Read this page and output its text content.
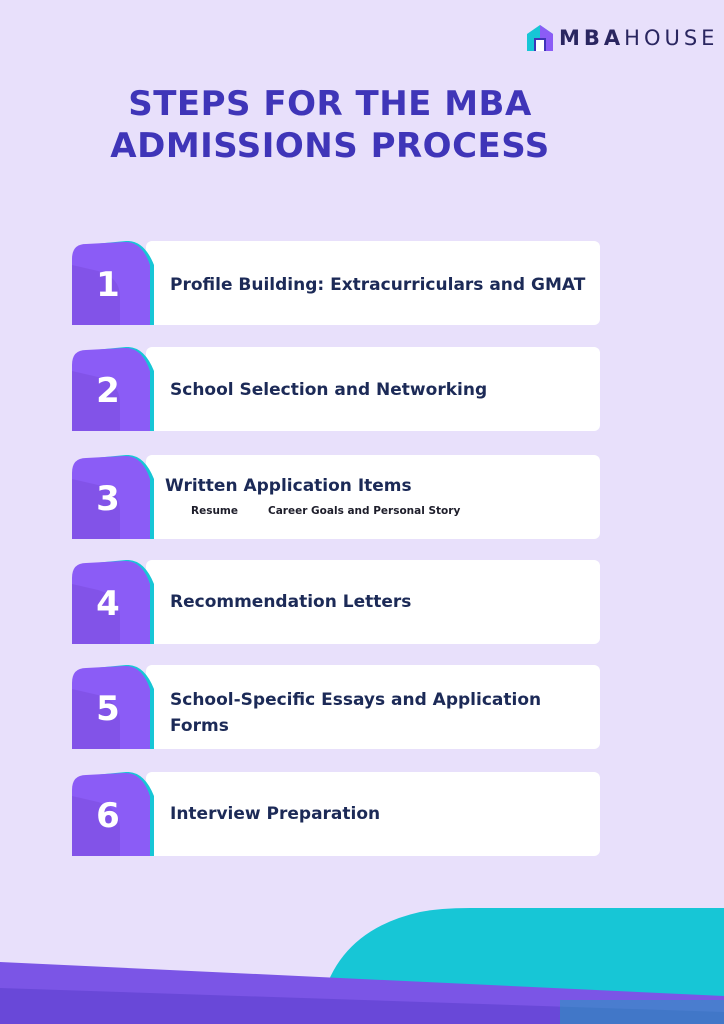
MBAHOUSE
STEPS FOR THE MBA
ADMISSIONS PROCESS
1	Profile Building: Extracurriculars and GMAT
2	School Selection and Networking
3	Written Application Items
Resume	Career Goals and Personal Story
4	Recommendation Letters
5	School-Specific Essays and Application Forms
6	Interview Preparation
